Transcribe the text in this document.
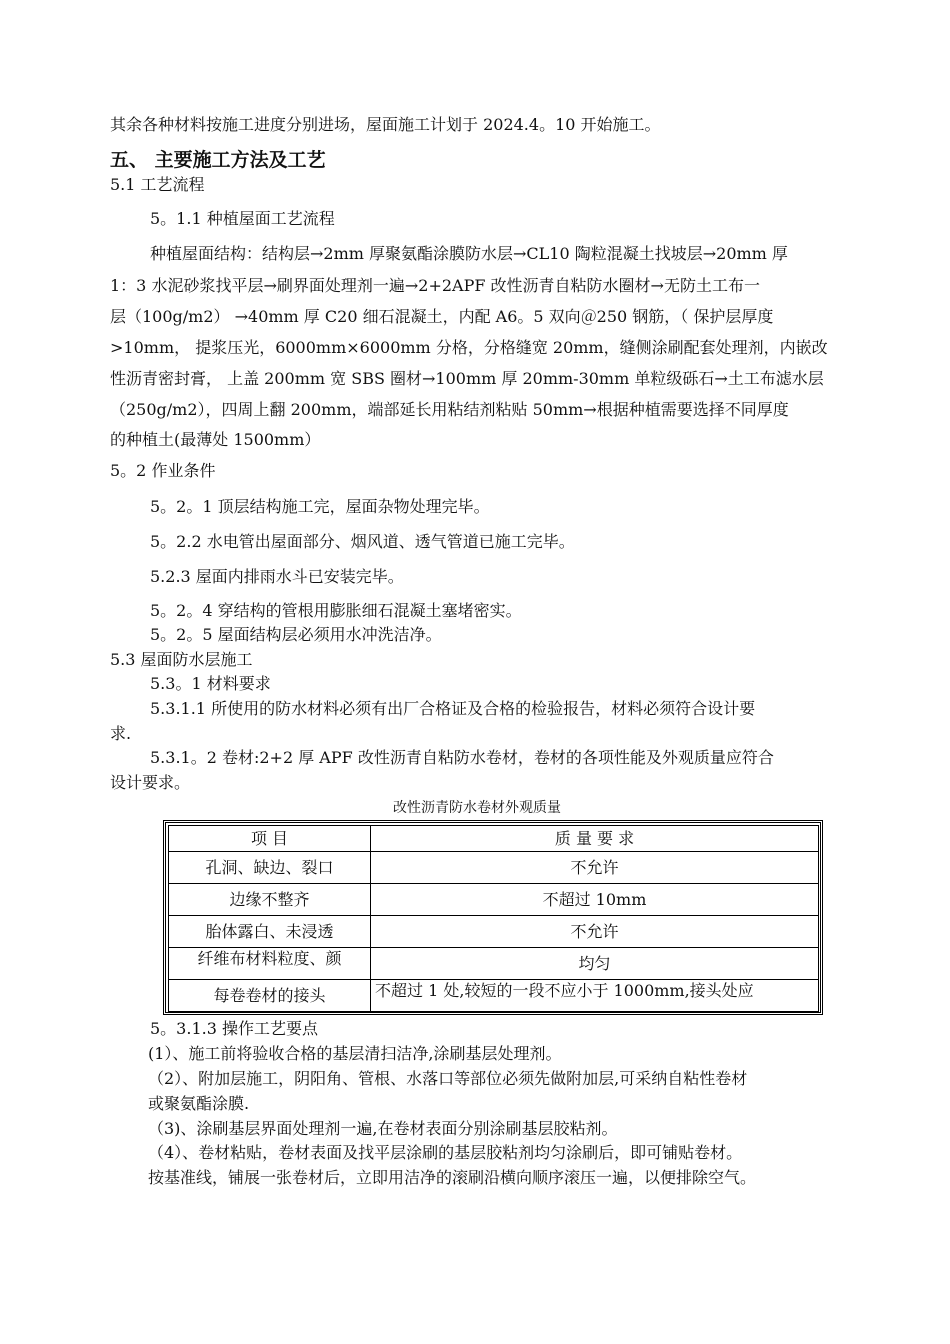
其余各种材料按施工进度分别进场，屋面施工计划于 2024.4。10 开始施工。

五、 主要施工方法及工艺

5.1 工艺流程

5。1.1 种植屋面工艺流程

种植屋面结构：结构层→2mm 厚聚氨酯涂膜防水层→CL10 陶粒混凝土找坡层→20mm 厚

1：3 水泥砂浆找平层→刷界面处理剂一遍→2+2APF 改性沥青自粘防水圈材→无防土工布一

层（100g/m2） →40mm 厚 C20 细石混凝土，内配 A6。5 双向＠250 钢筋，（ 保护层厚度

>10mm， 提浆压光，6000mm×6000mm 分格，分格缝宽 20mm，缝侧涂刷配套处理剂，内嵌改

性沥青密封膏， 上盖 200mm 宽 SBS 圈材→100mm 厚 20mm-30mm 单粒级砾石→土工布滤水层

（250g/m2），四周上翻 200mm，端部延长用粘结剂粘贴 50mm→根据种植需要选择不同厚度

的种植土(最薄处 1500mm）

5。2 作业条件

5。2。1 顶层结构施工完，屋面杂物处理完毕。

5。2.2 水电管出屋面部分、烟风道、透气管道已施工完毕。

5.2.3 屋面内排雨水斗已安装完毕。

5。2。4 穿结构的管根用膨胀细石混凝土塞堵密实。

5。2。5 屋面结构层必须用水冲洗洁净。

5.3 屋面防水层施工

5.3。1 材料要求

5.3.1.1 所使用的防水材料必须有出厂合格证及合格的检验报告，材料必须符合设计要

求.

5.3.1。2 卷材:2+2 厚 APF 改性沥青自粘防水卷材，卷材的各项性能及外观质量应符合

设计要求。

改性沥青防水卷材外观质量

项 目	质 量 要 求
孔洞、缺边、裂口	不允许
边缘不整齐	不超过 10mm
胎体露白、未浸透	不允许
纤维布材料粒度、颜	均匀
每卷卷材的接头	不超过 1 处,较短的一段不应小于 1000mm,接头处应

5。3.1.3 操作工艺要点

(1）、施工前将验收合格的基层清扫洁净,涂刷基层处理剂。

（2）、附加层施工，阴阳角、管根、水落口等部位必须先做附加层,可采纳自粘性卷材

或聚氨酯涂膜.

（3)、涂刷基层界面处理剂一遍,在卷材表面分别涂刷基层胶粘剂。

（4）、卷材粘贴，卷材表面及找平层涂刷的基层胶粘剂均匀涂刷后，即可铺贴卷材。

按基准线，铺展一张卷材后，立即用洁净的滚刷沿横向顺序滚压一遍，以便排除空气。
